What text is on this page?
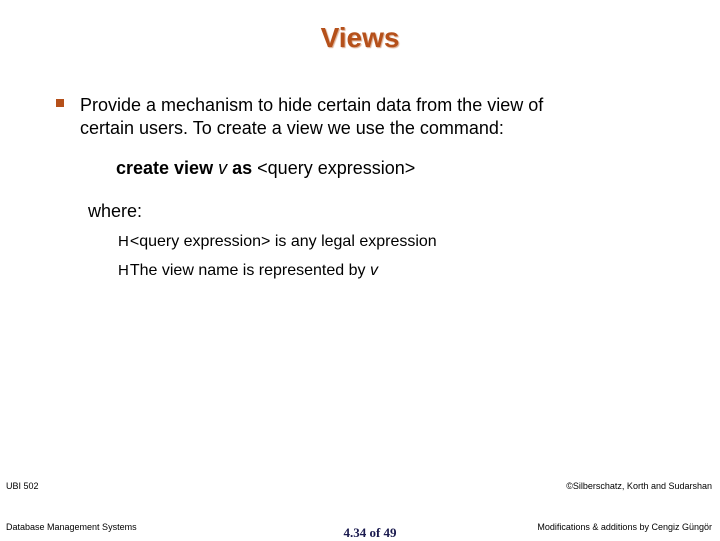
Views
Provide a mechanism to hide certain data from the view of
certain users. To create a view we use the command:
create view v as <query expression>
where:
H<query expression> is any legal expression
HThe view name is represented by v
UBI 502
Database Management Systems
©Silberschatz, Korth and Sudarshan
Modifications & additions by Cengiz Güngör
4.34 of 49
